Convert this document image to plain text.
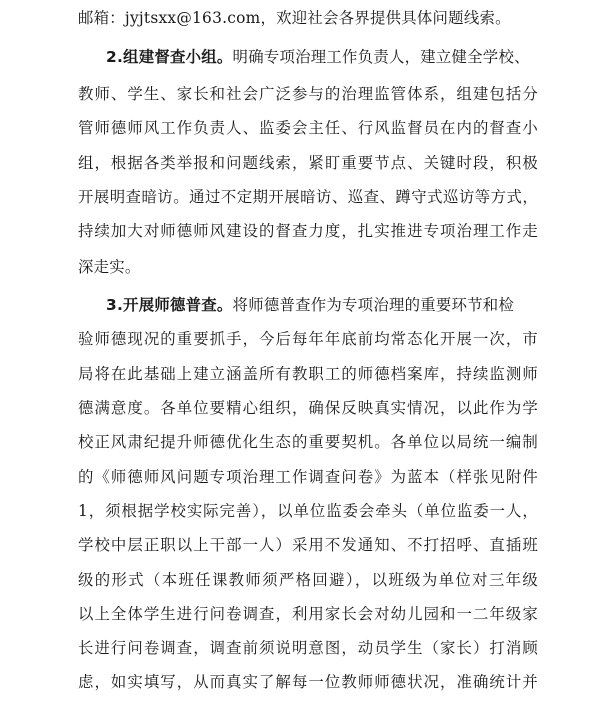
邮箱：jyjtsxx@163.com，欢迎社会各界提供具体问题线索。
2.组建督查小组。明确专项治理工作负责人，建立健全学校、
教师、学生、家长和社会广泛参与的治理监管体系，组建包括分
管师德师风工作负责人、监委会主任、行风监督员在内的督查小
组，根据各类举报和问题线索，紧盯重要节点、关键时段，积极
开展明查暗访。通过不定期开展暗访、巡查、蹲守式巡访等方式，
持续加大对师德师风建设的督查力度，扎实推进专项治理工作走
深走实。
3.开展师德普查。将师德普查作为专项治理的重要环节和检
验师德现况的重要抓手，今后每年年底前均常态化开展一次，市
局将在此基础上建立涵盖所有教职工的师德档案库，持续监测师
德满意度。各单位要精心组织，确保反映真实情况，以此作为学
校正风肃纪提升师德优化生态的重要契机。各单位以局统一编制
的《师德师风问题专项治理工作调查问卷》为蓝本（样张见附件
1，须根据学校实际完善），以单位监委会牵头（单位监委一人，
学校中层正职以上干部一人）采用不发通知、不打招呼、直插班
级的形式（本班任课教师须严格回避），以班级为单位对三年级
以上全体学生进行问卷调查，利用家长会对幼儿园和一二年级家
长进行问卷调查，调查前须说明意图，动员学生（家长）打消顾
虑，如实填写，从而真实了解每一位教师师德状况，准确统计并
